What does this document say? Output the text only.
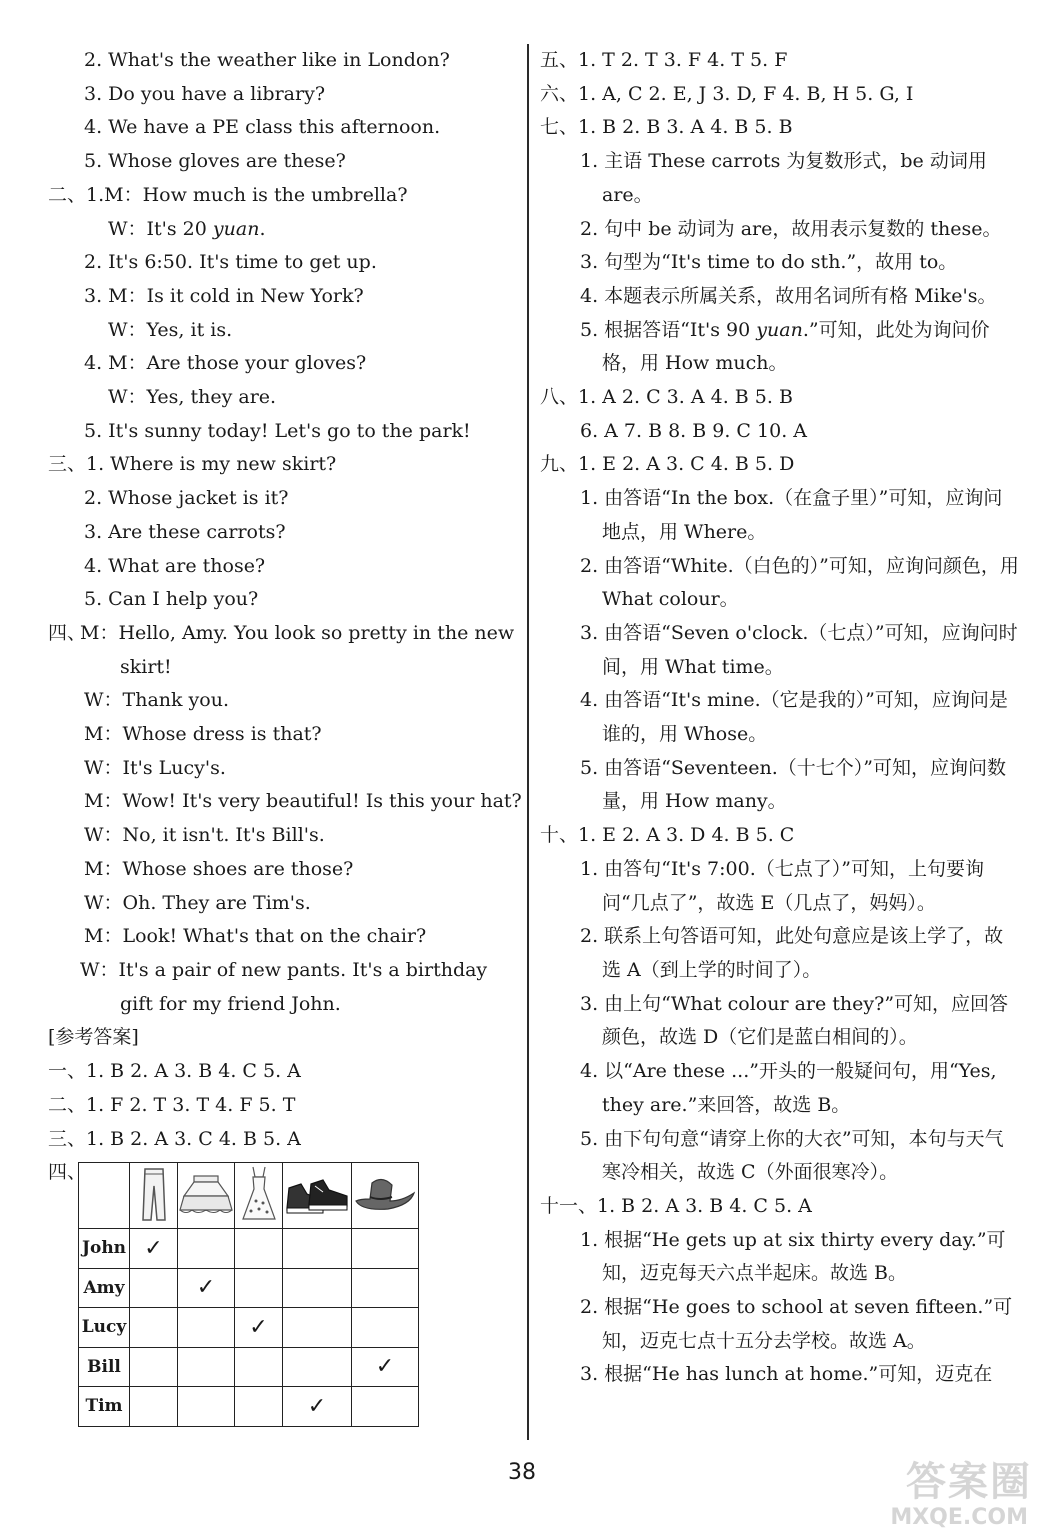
2. What's the weather like in London?
3. Do you have a library?
4. We have a PE class this afternoon.
5. Whose gloves are these?
二、1.M：How much is the umbrella?
W：It's 20 yuan.
2. It's 6:50. It's time to get up.
3. M：Is it cold in New York?
W：Yes, it is.
4. M：Are those your gloves?
W：Yes, they are.
5. It's sunny today! Let's go to the park!
三、1. Where is my new skirt?
2. Whose jacket is it?
3. Are these carrots?
4. What are those?
5. Can I help you?
四、
M：Hello, Amy. You look so pretty in the new skirt!
W：Thank you.
M：Whose dress is that?
W：It's Lucy's.
M：Wow! It's very beautiful! Is this your hat?
W：No, it isn't. It's Bill's.
M：Whose shoes are those?
W：Oh. They are Tim's.
M：Look! What's that on the chair?
W：It's a pair of new pants. It's a birthday gift for my friend John.
[参考答案]
一、1. B 2. A 3. B 4. C 5. A
二、1. F 2. T 3. T 4. F 5. T
三、1. B 2. A 3. C 4. B 5. A
四、

John	✓				
Amy		✓			
Lucy			✓		
Bill					✓
Tim				✓	
五、1. T 2. T 3. F 4. T 5. F
六、1. A, C 2. E, J 3. D, F 4. B, H 5. G, I
七、1. B 2. B 3. A 4. B 5. B
1. 主语 These carrots 为复数形式，be 动词用 are。
2. 句中 be 动词为 are，故用表示复数的 these。
3. 句型为“It's time to do sth.”，故用 to。
4. 本题表示所属关系，故用名词所有格 Mike's。
5. 根据答语“It's 90 yuan.”可知，此处为询问价格，用 How much。
八、1. A 2. C 3. A 4. B 5. B
6. A 7. B 8. B 9. C 10. A
九、1. E 2. A 3. C 4. B 5. D
1. 由答语“In the box.（在盒子里）”可知，应询问地点，用 Where。
2. 由答语“White.（白色的）”可知，应询问颜色，用 What colour。
3. 由答语“Seven o'clock.（七点）”可知，应询问时间，用 What time。
4. 由答语“It's mine.（它是我的）”可知，应询问是谁的，用 Whose。
5. 由答语“Seventeen.（十七个）”可知，应询问数量，用 How many。
十、1. E 2. A 3. D 4. B 5. C
1. 由答句“It's 7:00.（七点了）”可知，上句要询问“几点了”，故选 E（几点了，妈妈）。
2. 联系上句答语可知，此处句意应是该上学了，故选 A（到上学的时间了）。
3. 由上句“What colour are they?”可知，应回答颜色，故选 D（它们是蓝白相间的）。
4. 以“Are these ...”开头的一般疑问句，用“Yes, they are.”来回答，故选 B。
5. 由下句句意“请穿上你的大衣”可知，本句与天气寒冷相关，故选 C（外面很寒冷）。
十一、1. B 2. A 3. B 4. C 5. A
1. 根据“He gets up at six thirty every day.”可知，迈克每天六点半起床。故选 B。
2. 根据“He goes to school at seven fifteen.”可知，迈克七点十五分去学校。故选 A。
3. 根据“He has lunch at home.”可知，迈克在
38	答案圈
MXQE.COM
